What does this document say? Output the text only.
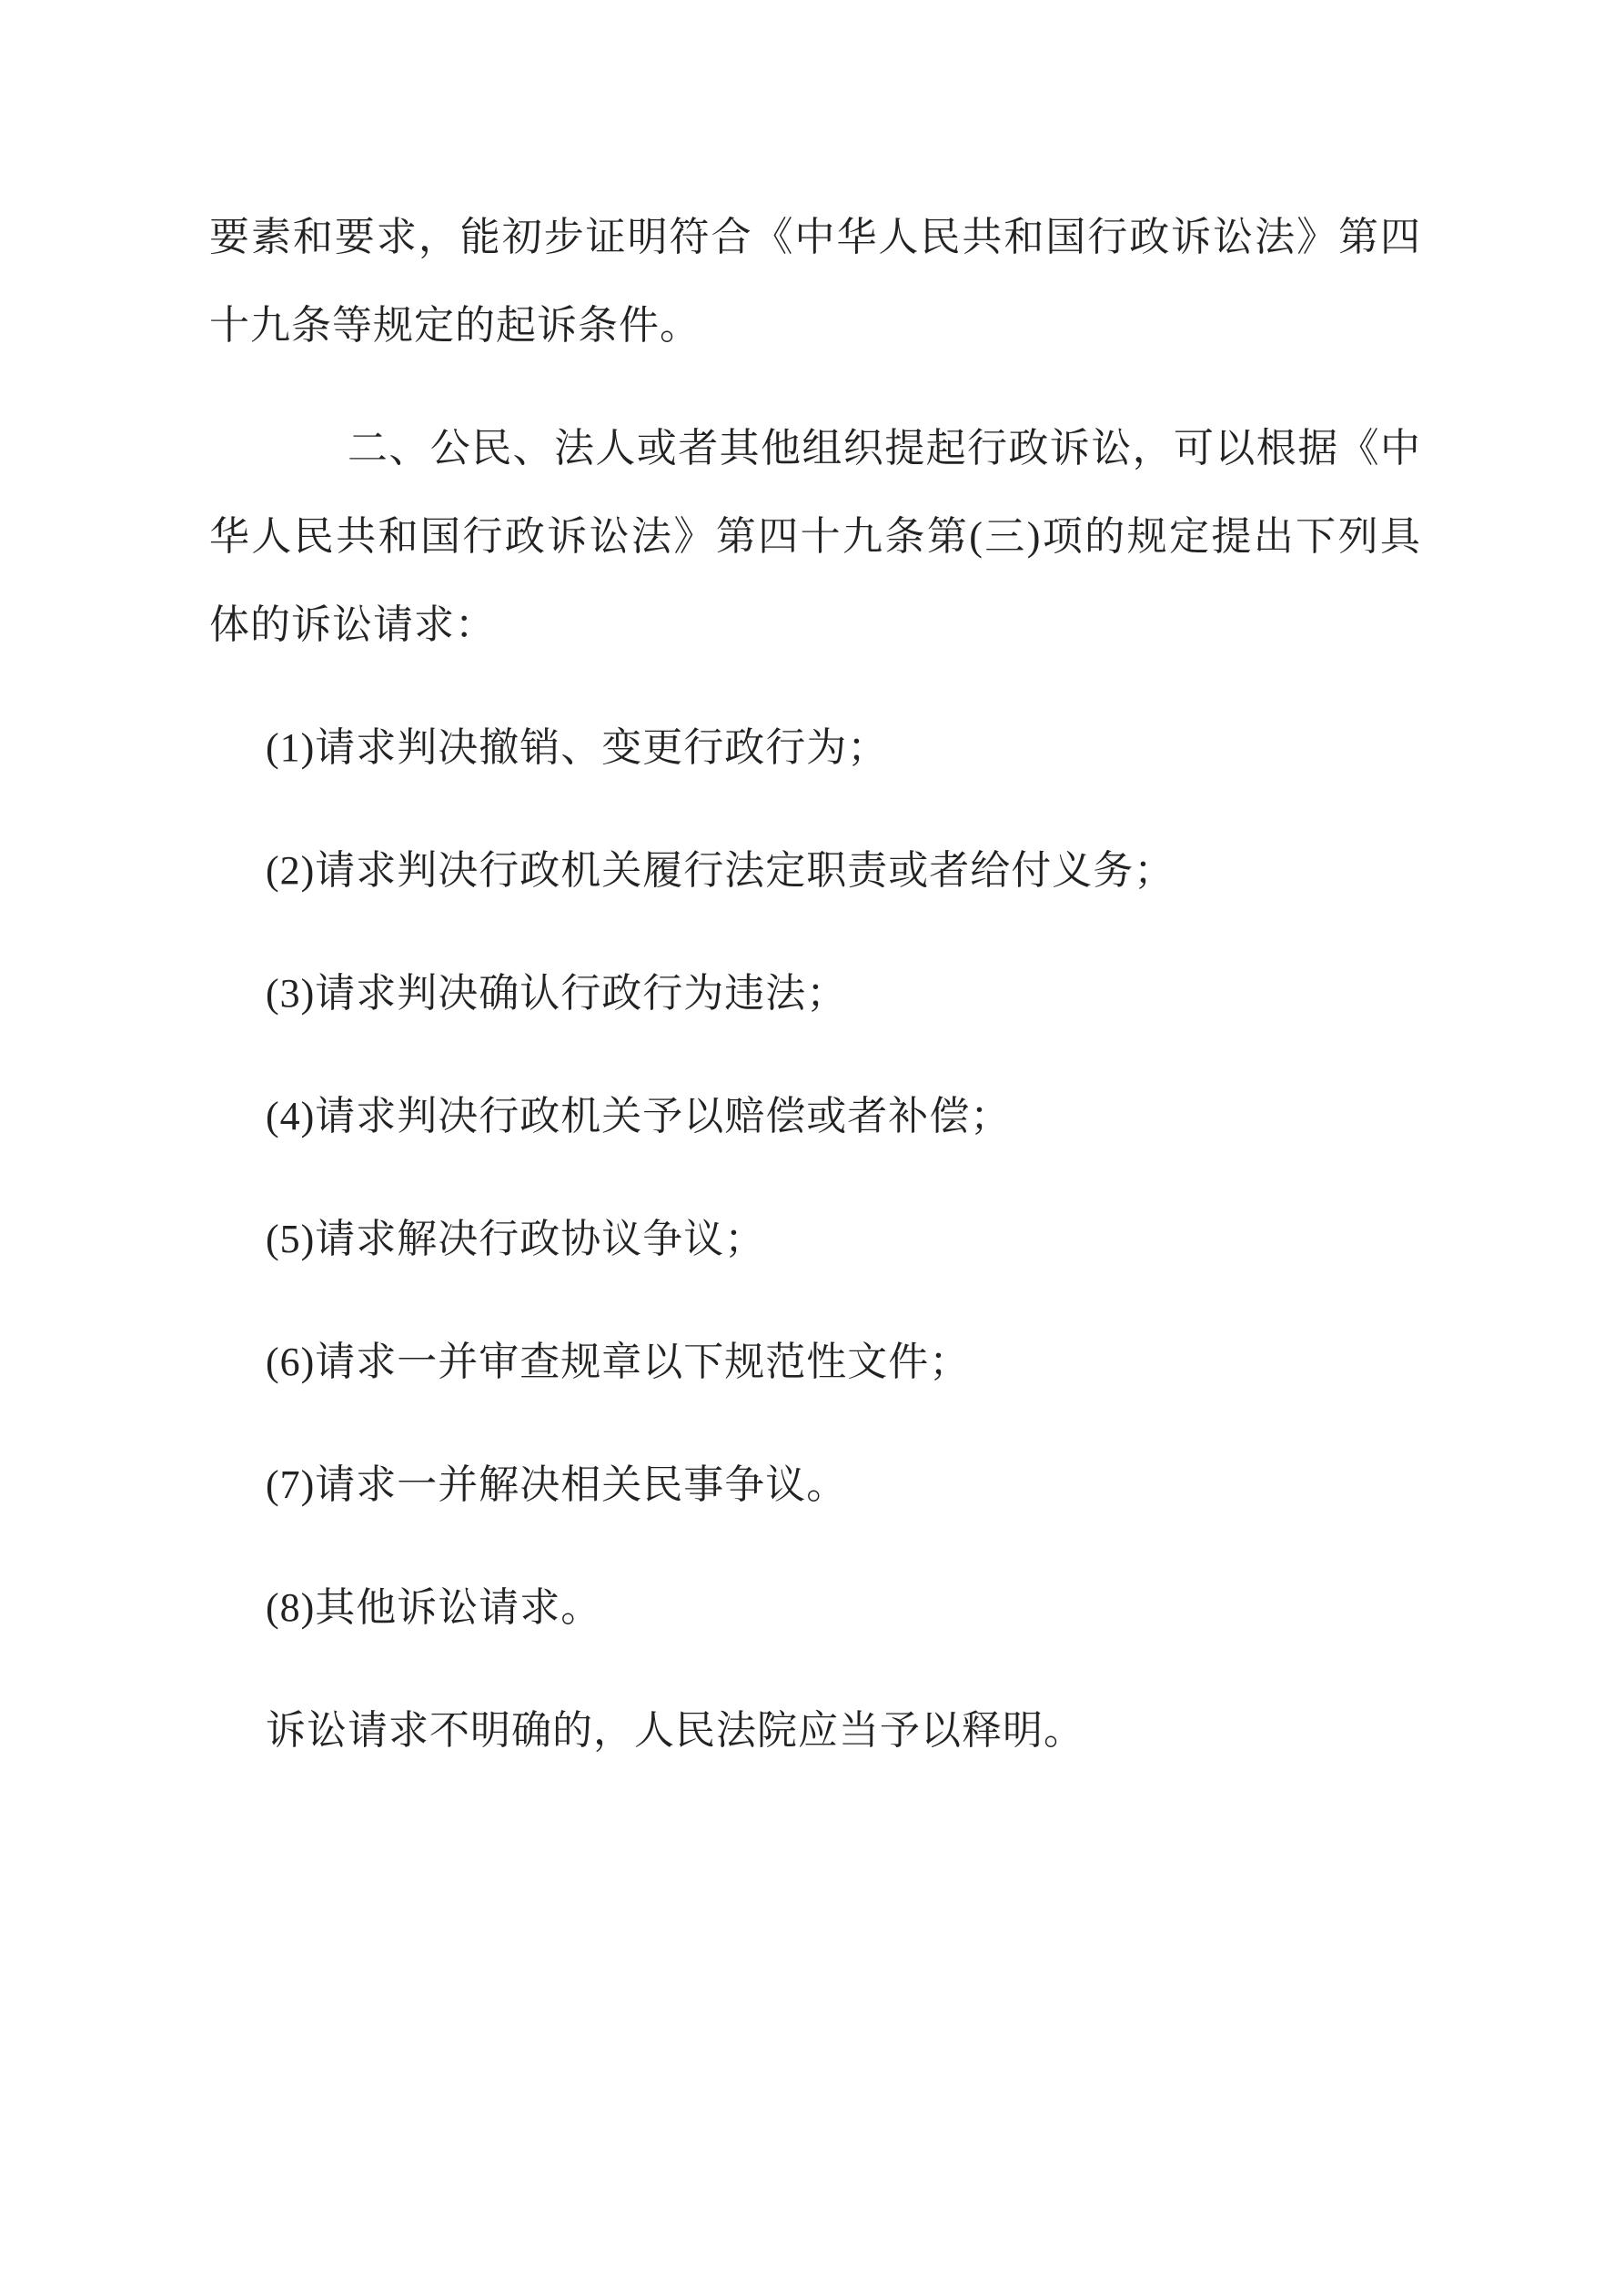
要素和要求，能初步证明符合《中华人民共和国行政诉讼法》第四十九条等规定的起诉条件。

二、公民、法人或者其他组织提起行政诉讼，可以根据《中华人民共和国行政诉讼法》第四十九条第(三)项的规定提出下列具体的诉讼请求：

(1)请求判决撤销、变更行政行为；

(2)请求判决行政机关履行法定职责或者给付义务；

(3)请求判决确认行政行为违法；

(4)请求判决行政机关予以赔偿或者补偿；

(5)请求解决行政协议争议；

(6)请求一并审查规章以下规范性文件；

(7)请求一并解决相关民事争议。

(8)其他诉讼请求。

诉讼请求不明确的，人民法院应当予以释明。
